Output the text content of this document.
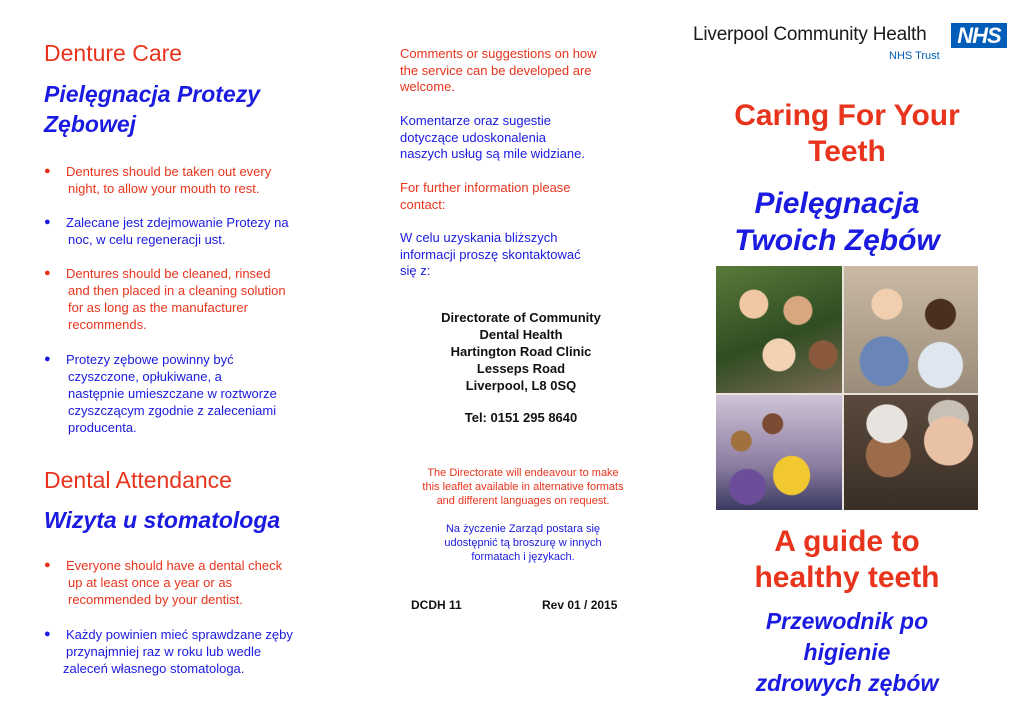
Denture Care
Pielęgnacja Protezy
Zębowej
● Dentures should be taken out every
night, to allow your mouth to rest.
● Zalecane jest zdejmowanie Protezy na
noc, w celu regeneracji ust.
● Dentures should be cleaned, rinsed
and then placed in a cleaning solution
for as long as the manufacturer
recommends.
● Protezy zębowe powinny być
czyszczone, opłukiwane, a
następnie umieszczane w roztworze
czyszczącym zgodnie z zaleceniami
producenta.
Dental Attendance
Wizyta u stomatologa
● Everyone should have a dental check
up at least once a year or as
recommended by your dentist.
● Każdy powinien mieć sprawdzane zęby
przynajmniej raz w roku lub wedle
zaleceń własnego stomatologa.
Comments or suggestions on how
the service can be developed are
welcome.
Komentarze oraz sugestie
dotyczące udoskonalenia
naszych usług są mile widziane.
For further information please
contact:
W celu uzyskania bliższych
informacji proszę skontaktować
się z:
Directorate of Community
Dental Health
Hartington Road Clinic
Lesseps Road
Liverpool, L8 0SQ
Tel: 0151 295 8640
The Directorate will endeavour to make
this leaflet available in alternative formats
and different languages on request.
Na życzenie Zarząd postara się
udostępnić tą broszurę w innych
formatach i językach.
DCDH 11	Rev 01 / 2015
Liverpool Community Health NHS
NHS Trust
Caring For Your
Teeth
Pielęgnacja
Twoich Zębów
A guide to
healthy teeth
Przewodnik po
higienie
zdrowych zębów
